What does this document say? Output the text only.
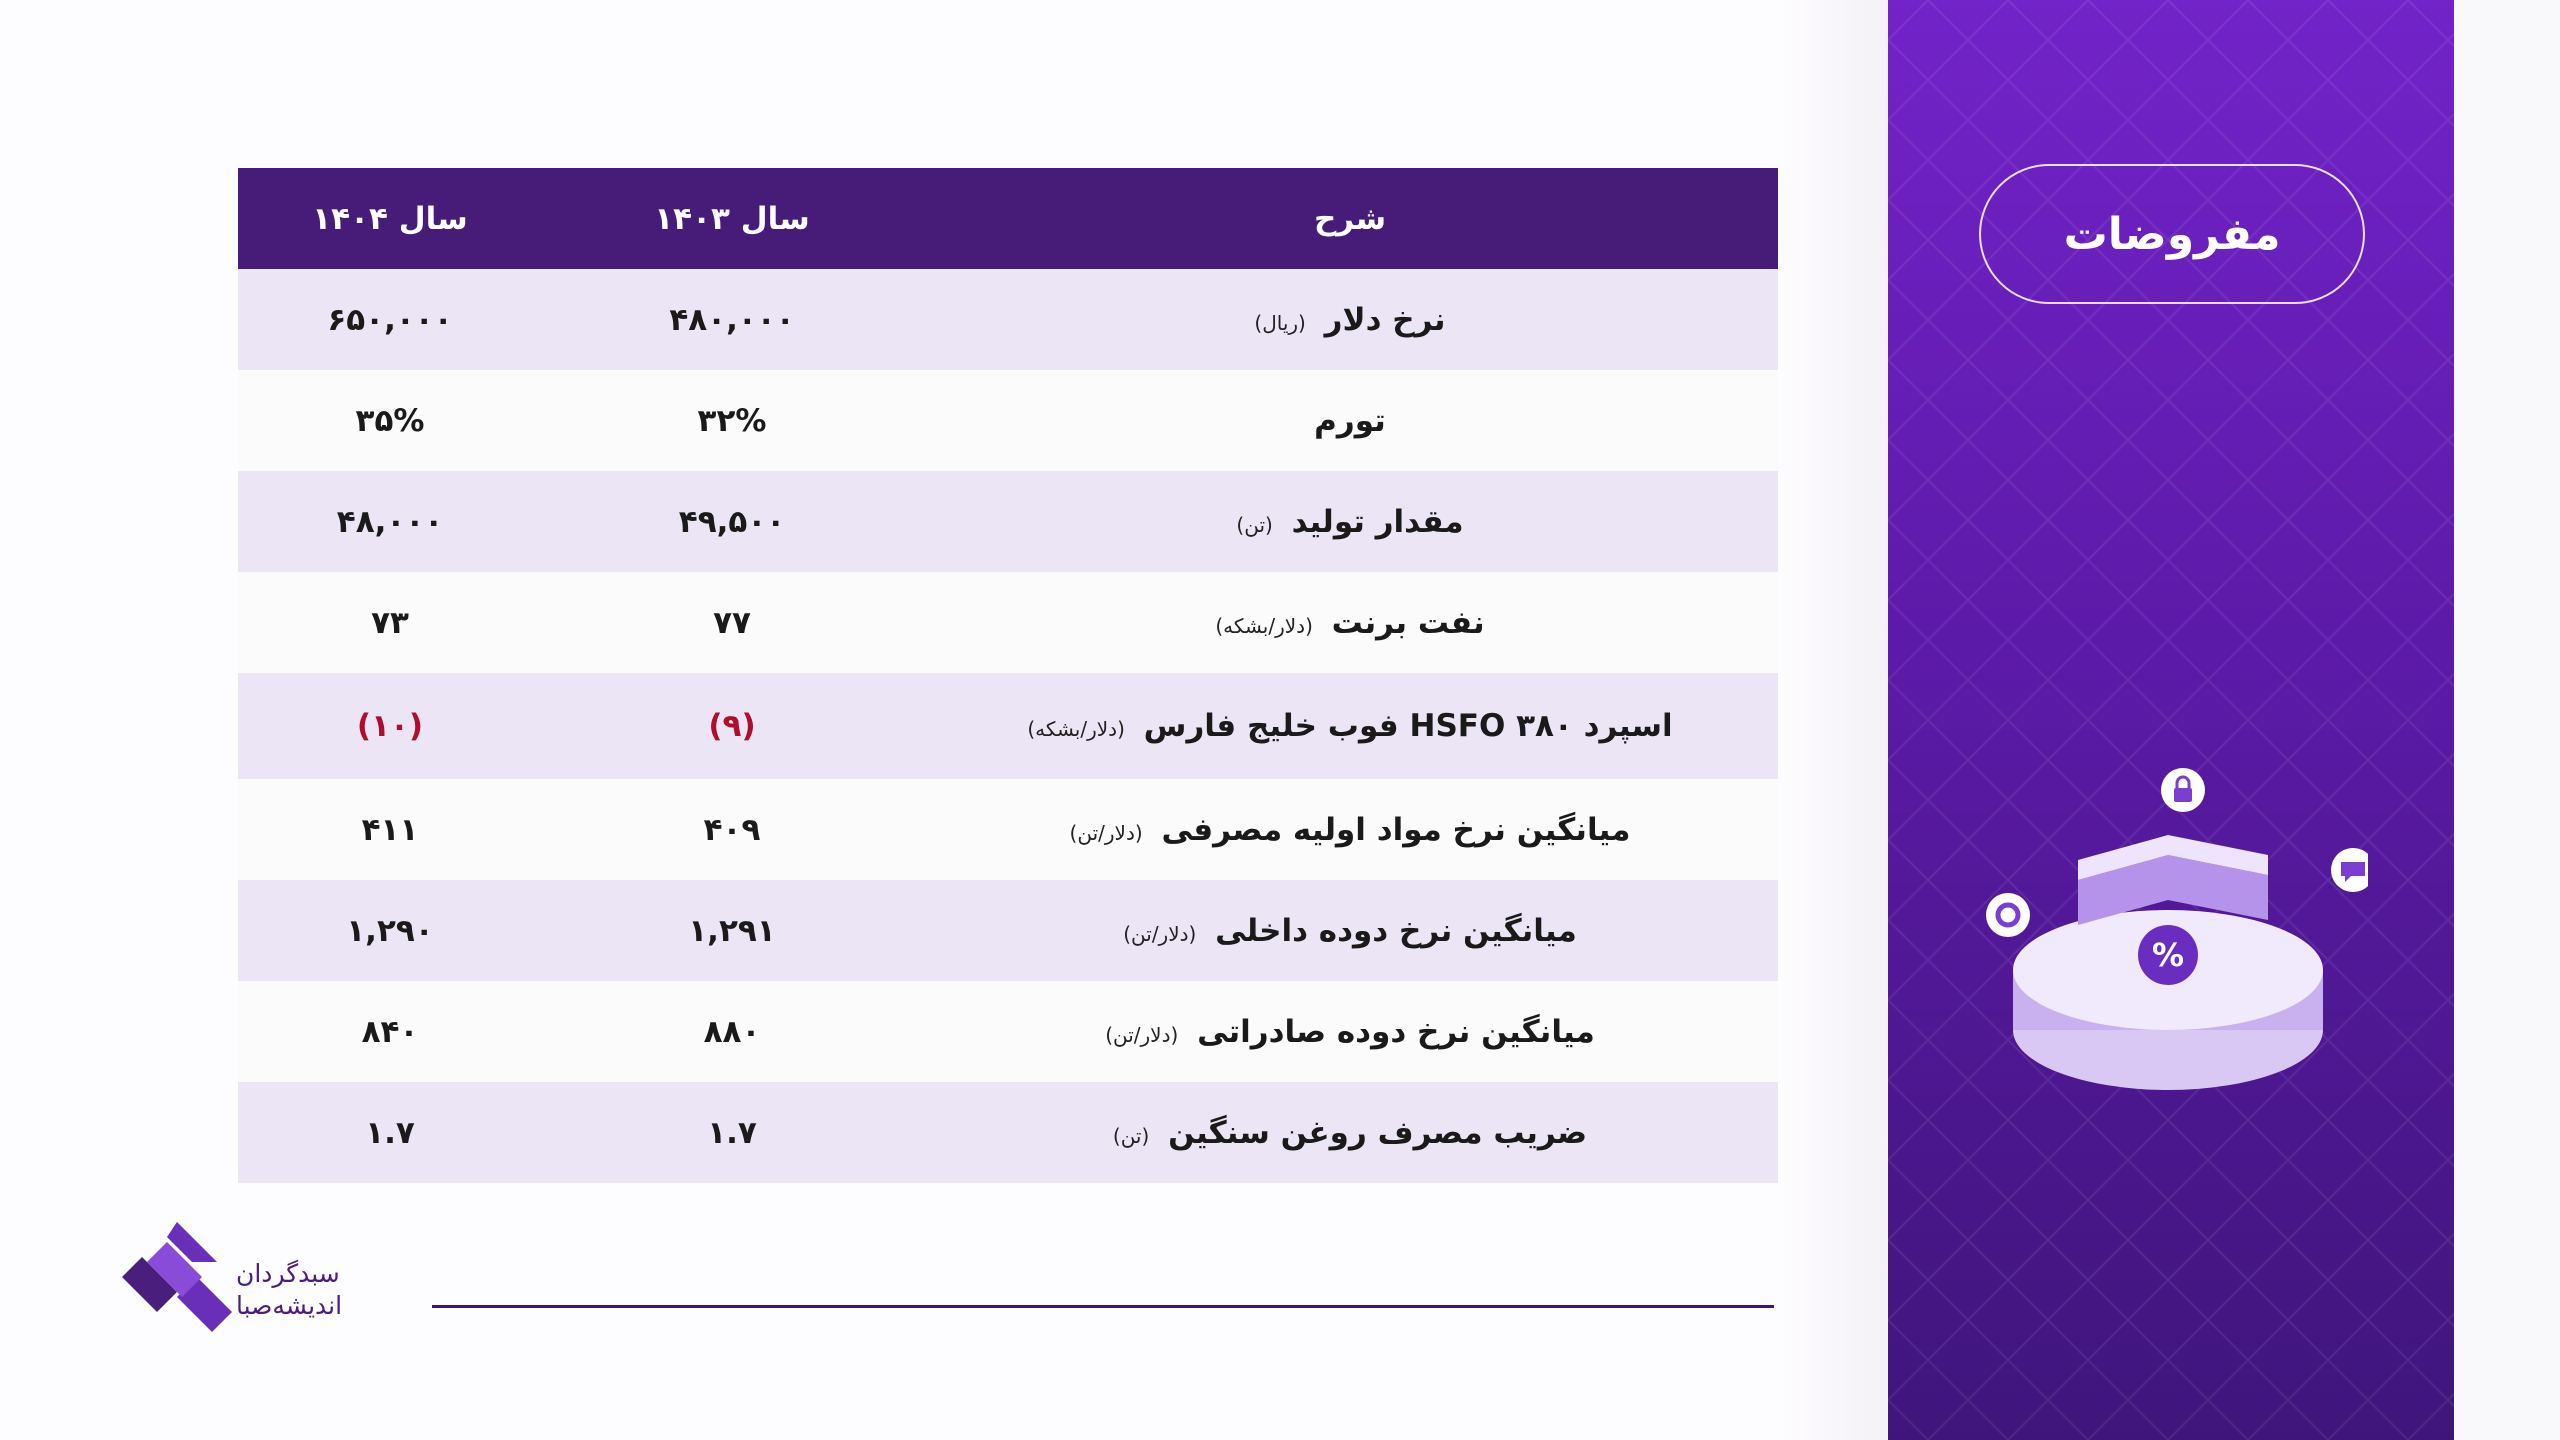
شرح
سال ۱۴۰۳
سال ۱۴۰۴
نرخ دلار (ریال)
۴۸۰,۰۰۰
۶۵۰,۰۰۰
تورم
۳۲%
۳۵%
مقدار تولید (تن)
۴۹,۵۰۰
۴۸,۰۰۰
نفت برنت (دلار/بشکه)
۷۷
۷۳
اسپرد HSFO ۳۸۰ فوب خلیج فارس (دلار/بشکه)
(۹)
(۱۰)
میانگین نرخ مواد اولیه مصرفی (دلار/تن)
۴۰۹
۴۱۱
میانگین نرخ دوده داخلی (دلار/تن)
۱,۲۹۱
۱,۲۹۰
میانگین نرخ دوده صادراتی (دلار/تن)
۸۸۰
۸۴۰
ضریب مصرف روغن سنگین (تن)
۱.۷
۱.۷
مفروضات
%
سبدگردان
اندیشه‌صبا
